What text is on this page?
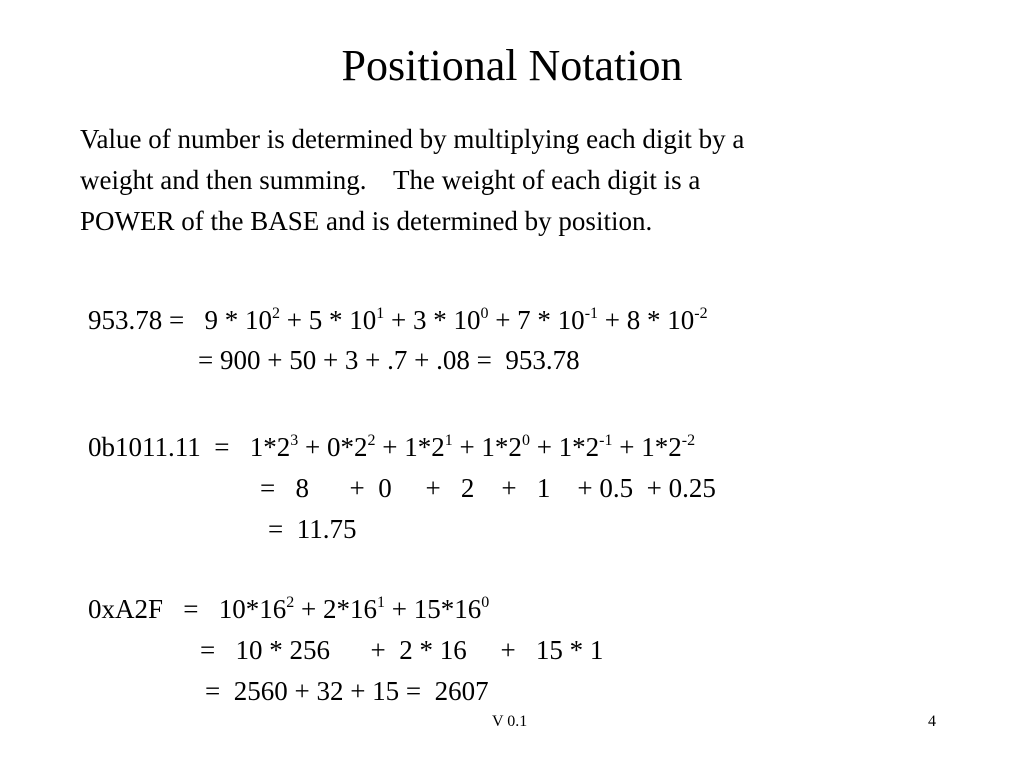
Positional Notation
Value of number is determined by multiplying each digit by a
weight and then summing.    The weight of each digit is a
POWER of the BASE and is determined by position.
$953.78 = 9 * 10^2 + 5 * 10^1 + 3 * 10^0 + 7 * 10^{-1} + 8 * 10^{-2}$
= 900 + 50 + 3 + .7 + .08 =  953.78
$0b1011.11 = 1*2^3 + 0*2^2 + 1*2^1 + 1*2^0 + 1*2^{-1} + 1*2^{-2}$
=   8      +  0     +   2    +   1    + 0.5  + 0.25
=  11.75
$0xA2F = 10*16^2 + 2*16^1 + 15*16^0$
=   10 * 256      +  2 * 16     +   15 * 1
=  2560 + 32 + 15 =  2607
V 0.1	4
